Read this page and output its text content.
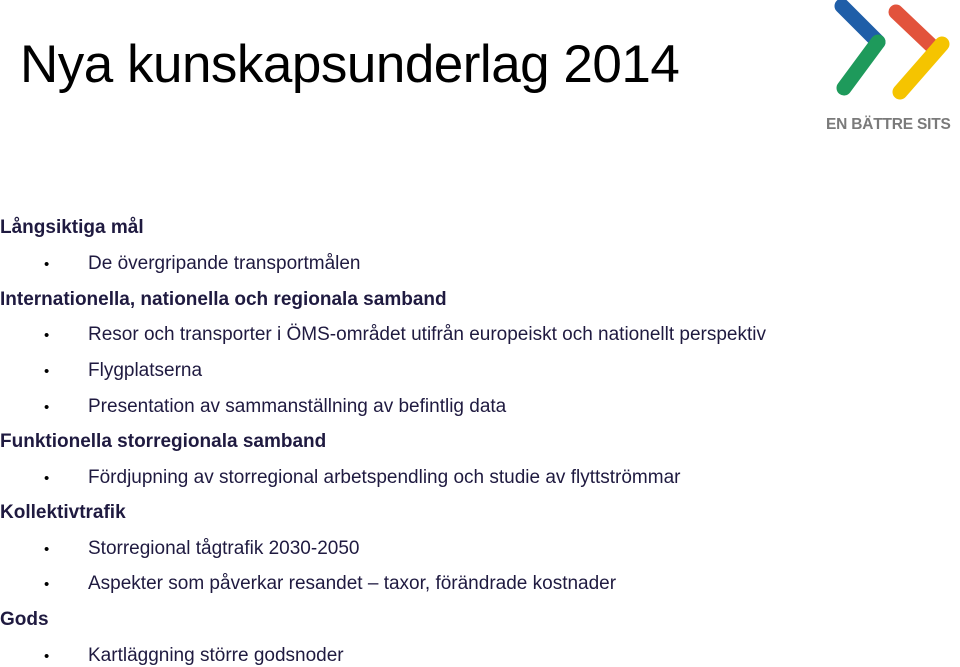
Nya kunskapsunderlag 2014
EN BÄTTRE SITS
Långsiktiga mål
• De övergripande transportmålen
Internationella, nationella och regionala samband
• Resor och transporter i ÖMS-området utifrån europeiskt och nationellt perspektiv
• Flygplatserna
• Presentation av sammanställning av befintlig data
Funktionella storregionala samband
• Fördjupning av storregional arbetspendling och studie av flyttströmmar
Kollektivtrafik
• Storregional tågtrafik 2030-2050
• Aspekter som påverkar resandet – taxor, förändrade kostnader
Gods
• Kartläggning större godsnoder
